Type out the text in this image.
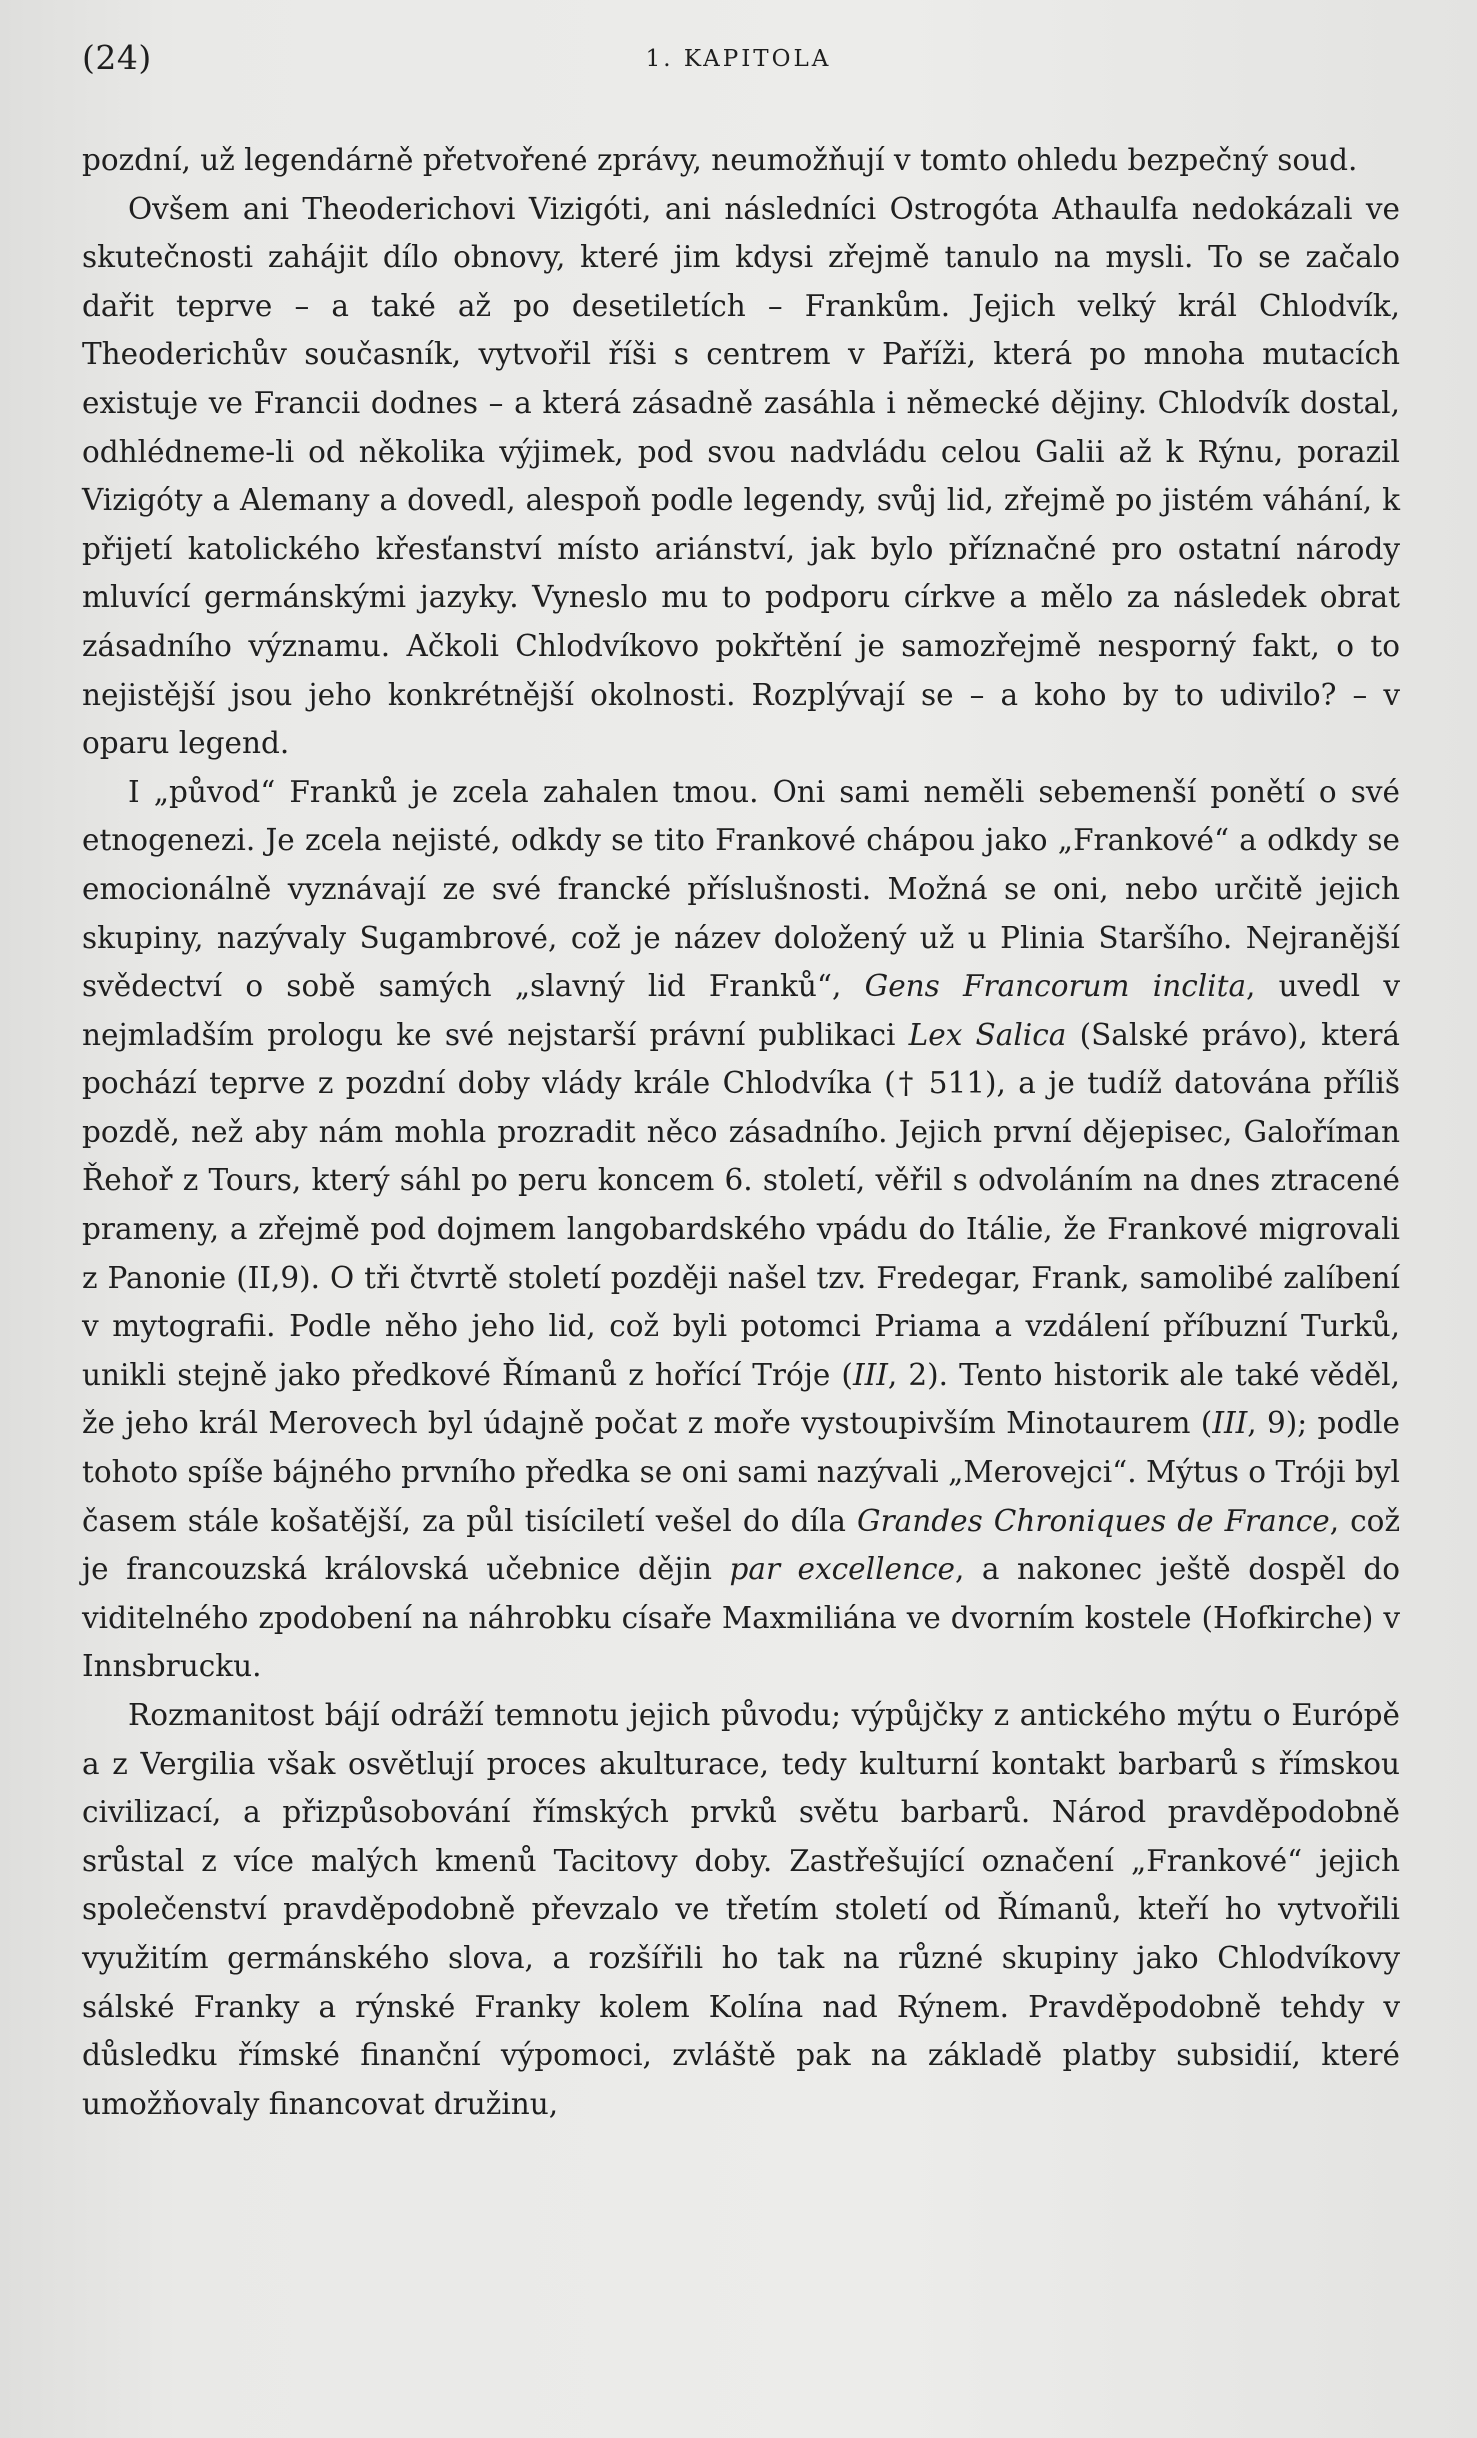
(24)	1. KAPITOLA

pozdní, už legendárně přetvořené zprávy, neumožňují v tomto ohledu bezpečný soud.

Ovšem ani Theoderichovi Vizigóti, ani následníci Ostrogóta Athaulfa nedokázali ve skutečnosti zahájit dílo obnovy, které jim kdysi zřejmě tanulo na mysli. To se začalo dařit teprve – a také až po desetiletích – Frankům. Jejich velký král Chlodvík, Theoderichův současník, vytvořil říši s centrem v Paříži, která po mnoha mutacích existuje ve Francii dodnes – a která zásadně zasáhla i německé dějiny. Chlodvík dostal, odhlédneme-li od několika výjimek, pod svou nadvládu celou Galii až k Rýnu, porazil Vizigóty a Alemany a dovedl, alespoň podle legendy, svůj lid, zřejmě po jistém váhání, k přijetí katolického křesťanství místo ariánství, jak bylo příznačné pro ostatní národy mluvící germánskými jazyky. Vyneslo mu to podporu církve a mělo za následek obrat zásadního významu. Ačkoli Chlodvíkovo pokřtění je samozřejmě nesporný fakt, o to nejistější jsou jeho konkrétnější okolnosti. Rozplývají se – a koho by to udivilo? – v oparu legend.

I „původ“ Franků je zcela zahalen tmou. Oni sami neměli sebemenší ponětí o své etnogenezi. Je zcela nejisté, odkdy se tito Frankové chápou jako „Frankové“ a odkdy se emocionálně vyznávají ze své francké příslušnosti. Možná se oni, nebo určitě jejich skupiny, nazývaly Sugambrové, což je název doložený už u Plinia Staršího. Nejranější svědectví o sobě samých „slavný lid Franků“, Gens Francorum inclita, uvedl v nejmladším prologu ke své nejstarší právní publikaci Lex Salica (Salské právo), která pochází teprve z pozdní doby vlády krále Chlodvíka († 511), a je tudíž datována příliš pozdě, než aby nám mohla prozradit něco zásadního. Jejich první dějepisec, Galoříman Řehoř z Tours, který sáhl po peru koncem 6. století, věřil s odvoláním na dnes ztracené prameny, a zřejmě pod dojmem langobardského vpádu do Itálie, že Frankové migrovali z Panonie (II,9). O tři čtvrtě století později našel tzv. Fredegar, Frank, samolibé zalíbení v mytografii. Podle něho jeho lid, což byli potomci Priama a vzdálení příbuzní Turků, unikli stejně jako předkové Římanů z hořící Tróje (III, 2). Tento historik ale také věděl, že jeho král Merovech byl údajně počat z moře vystoupivším Minotaurem (III, 9); podle tohoto spíše bájného prvního předka se oni sami nazývali „Merovejci“. Mýtus o Tróji byl časem stále košatější, za půl tisíciletí vešel do díla Grandes Chroniques de France, což je francouzská královská učebnice dějin par excellence, a nakonec ještě dospěl do viditelného zpodobení na náhrobku císaře Maxmiliána ve dvorním kostele (Hofkirche) v Innsbrucku.

Rozmanitost bájí odráží temnotu jejich původu; výpůjčky z antického mýtu o Európě a z Vergilia však osvětlují proces akulturace, tedy kulturní kontakt barbarů s římskou civilizací, a přizpůsobování římských prvků světu barbarů. Národ pravděpodobně srůstal z více malých kmenů Tacitovy doby. Zastřešující označení „Frankové“ jejich společenství pravděpodobně převzalo ve třetím století od Římanů, kteří ho vytvořili využitím germánského slova, a rozšířili ho tak na různé skupiny jako Chlodvíkovy sálské Franky a rýnské Franky kolem Kolína nad Rýnem. Pravděpodobně tehdy v důsledku římské finanční výpomoci, zvláště pak na základě platby subsidií, které umožňovaly financovat družinu,
